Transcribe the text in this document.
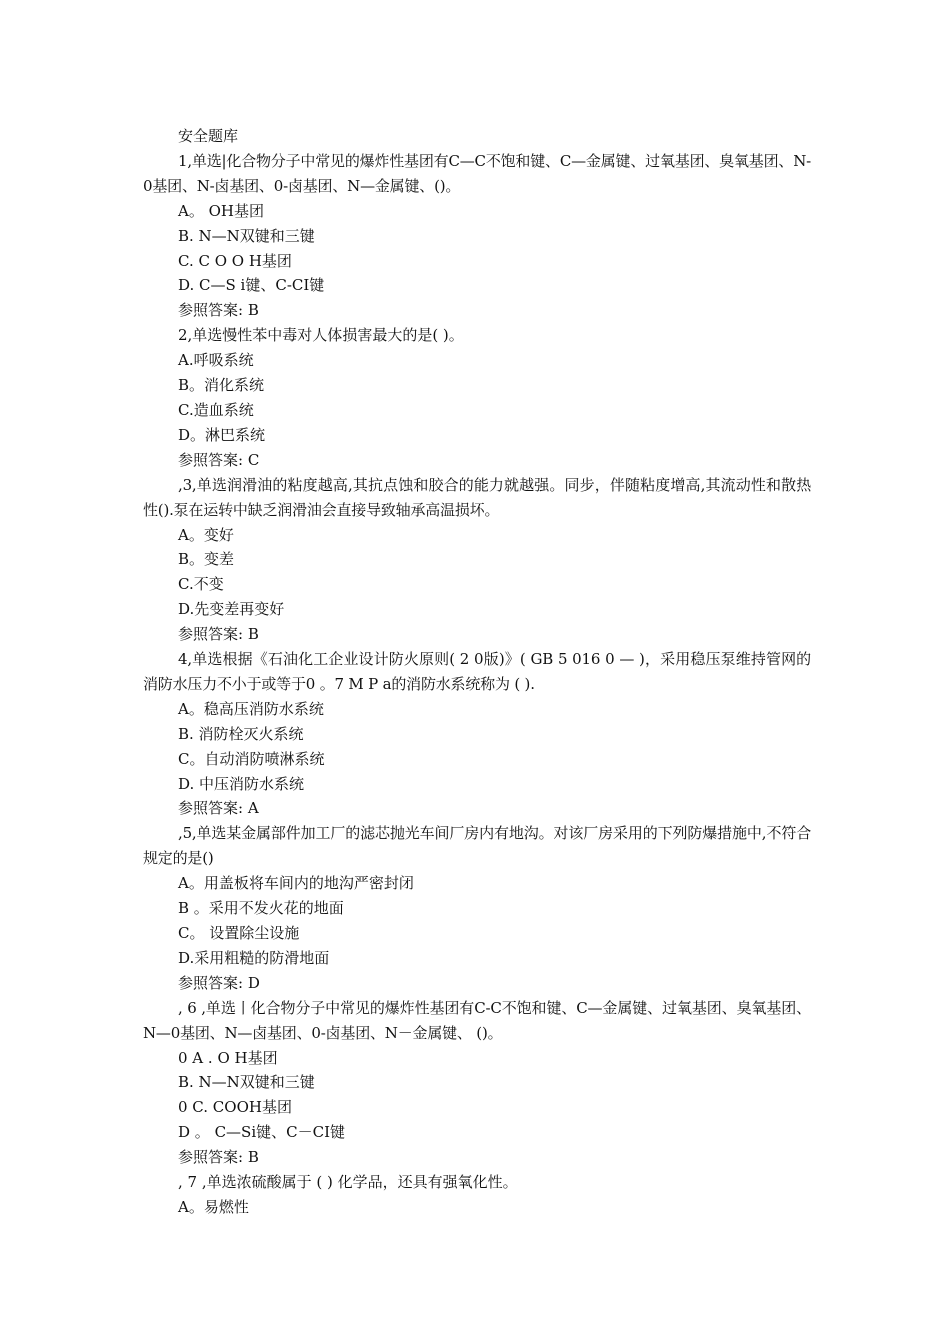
安全题库
1,单选|化合物分子中常见的爆炸性基团有C—C不饱和键、C—金属键、过氧基团、臭氧基团、N-0基团、N-卤基团、0-卤基团、N—金属键、()。
A。 OH基团
B. N—N双键和三键
C. C O O H基团
D. C—S i键、C-CI键
参照答案: B
2,单选慢性苯中毒对人体损害最大的是( )。
A.呼吸系统
B。消化系统
C.造血系统
D。淋巴系统
参照答案: C
,3,单选润滑油的粘度越高,其抗点蚀和胶合的能力就越强。同步，伴随粘度增高,其流动性和散热性().泵在运转中缺乏润滑油会直接导致轴承高温损坏。
A。变好
B。变差
C.不变
D.先变差再变好
参照答案: B
4,单选根据《石油化工企业设计防火原则( 2 0版)》( GB 5 016 0 — )，采用稳压泵维持管网的消防水压力不小于或等于0 。7 M P a的消防水系统称为 ( ).
A。稳高压消防水系统
B. 消防栓灭火系统
C。自动消防喷淋系统
D. 中压消防水系统
参照答案: A
,5,单选某金属部件加工厂的滤芯抛光车间厂房内有地沟。对该厂房采用的下列防爆措施中,不符合规定的是()
A。用盖板将车间内的地沟严密封闭
B 。采用不发火花的地面
C。 设置除尘设施
D.采用粗糙的防滑地面
参照答案: D
, 6 ,单选丨化合物分子中常见的爆炸性基团有C-C不饱和键、C—金属键、过氧基团、臭氧基团、N—0基团、N—卤基团、0-卤基团、N－金属键、 ()。
0 A . O H基团
B. N—N双键和三键
0 C. COOH基团
D 。 C—Si键、C－CI键
参照答案: B
, 7 ,单选浓硫酸属于 ( ) 化学品，还具有强氧化性。
A。易燃性
